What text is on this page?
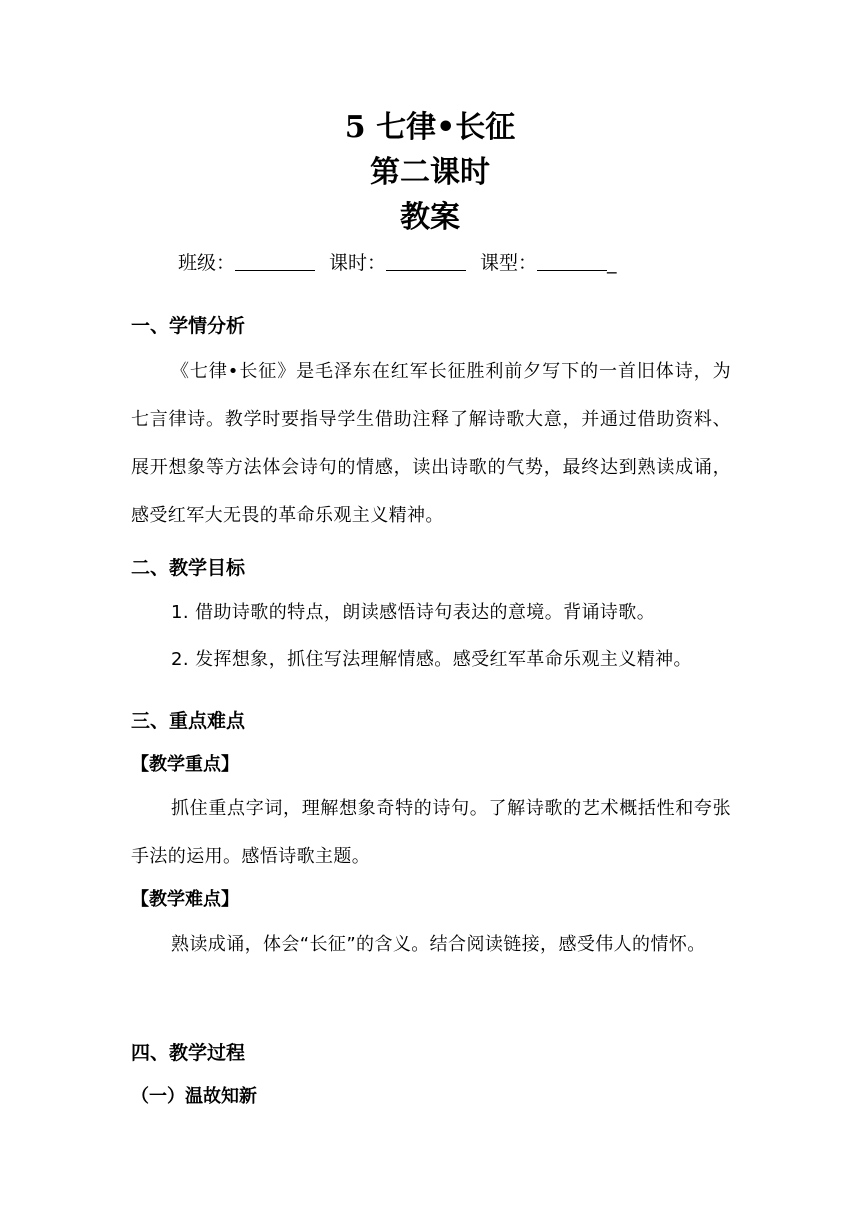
5 七律•长征
第二课时
教案
班级：	课时：	课型：	_
一、学情分析
《七律•长征》是毛泽东在红军长征胜利前夕写下的一首旧体诗，为七言律诗。教学时要指导学生借助注释了解诗歌大意，并通过借助资料、展开想象等方法体会诗句的情感，读出诗歌的气势，最终达到熟读成诵，感受红军大无畏的革命乐观主义精神。
二、教学目标
1. 借助诗歌的特点，朗读感悟诗句表达的意境。背诵诗歌。
2. 发挥想象，抓住写法理解情感。感受红军革命乐观主义精神。
三、重点难点
【教学重点】
抓住重点字词，理解想象奇特的诗句。了解诗歌的艺术概括性和夸张手法的运用。感悟诗歌主题。
【教学难点】
熟读成诵，体会“长征”的含义。结合阅读链接，感受伟人的情怀。
四、教学过程
（一）温故知新
